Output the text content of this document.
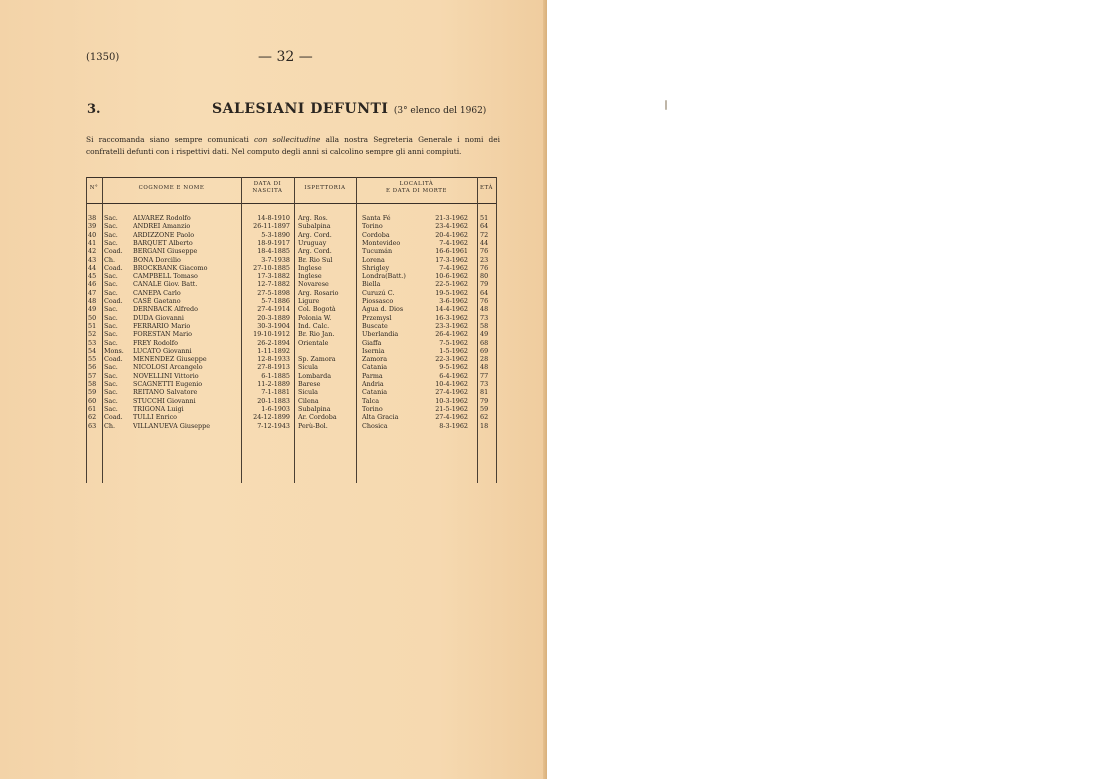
(1350)	— 32 —
3.	SALESIANI DEFUNTI (3° elenco del 1962)
Si raccomanda siano sempre comunicati con sollecitudine alla nostra Segreteria Generale i nomi dei confratelli defunti con i rispettivi dati. Nel computo degli anni si calcolino sempre gli anni compiuti.
N°	COGNOME E NOME
DATA DI
NASCITA	ISPETTORIA
LOCALITÀ
E DATA DI MORTE	ETÀ
38	Sac.	ALVAREZ Rodolfo	14-8-1910 Arg. Ros.	Santa Fé	21-3-1962 51
39	Sac.	ANDREI Amanzio	26-11-1897 Subalpina	Torino	23-4-1962 64
40	Sac.	ARDIZZONE Paolo	5-3-1890 Arg. Cord.	Cordoba	20-4-1962 72
41	Sac.	BARQUET Alberto	18-9-1917 Uruguay	Montevideo	7-4-1962 44
42	Coad.	BERGANI Giuseppe	18-4-1885 Arg. Cord.	Tucumán	16-6-1961 76
43	Ch.	BONA Dorcilio	3-7-1938 Br. Rio Sul	Lorena	17-3-1962 23
44	Coad.	BROCKBANK Giacomo	27-10-1885 Inglese	Shrigley	7-4-1962 76
45	Sac.	CAMPBELL Tomaso	17-3-1882 Inglese	Londra(Batt.)	10-6-1962 80
46	Sac.	CANALE Giov. Batt.	12-7-1882 Novarese	Biella	22-5-1962 79
47	Sac.	CANEPA Carlo	27-5-1898 Arg. Rosario	Curuzú C.	19-5-1962 64
48	Coad.	CASÈ Gaetano	5-7-1886 Ligure	Piossasco	3-6-1962 76
49	Sac.	DERNBACK Alfredo	27-4-1914 Col. Bogotà	Agua d. Dios	14-4-1962 48
50	Sac.	DUDA Giovanni	20-3-1889 Polonia W.	Przemysl	16-3-1962 73
51	Sac.	FERRARIO Mario	30-3-1904 Ind. Calc.	Buscate	23-3-1962 58
52	Sac.	FORESTAN Mario	19-10-1912 Br. Rio Jan.	Uberlandia	26-4-1962 49
53	Sac.	FREY Rodolfo	26-2-1894 Orientale	Giaffa	7-5-1962 68
54	Mons.	LUCATO Giovanni	1-11-1892	Isernia	1-5-1962 69
55	Coad.	MENENDEZ Giuseppe	12-8-1933 Sp. Zamora	Zamora	22-3-1962 28
56	Sac.	NICOLOSI Arcangelo	27-8-1913 Sicula	Catania	9-5-1962 48
57	Sac.	NOVELLINI Vittorio	6-1-1885 Lombarda	Parma	6-4-1962 77
58	Sac.	SCAGNETTI Eugenio	11-2-1889 Barese	Andria	10-4-1962 73
59	Sac.	REITANO Salvatore	7-1-1881 Sicula	Catania	27-4-1962 81
60	Sac.	STUCCHI Giovanni	20-1-1883 Cilena	Talca	10-3-1962 79
61	Sac.	TRIGONA Luigi	1-6-1903 Subalpina	Torino	21-5-1962 59
62	Coad.	TULLI Enrico	24-12-1899 Ar. Cordoba	Alta Gracia	27-4-1962 62
63	Ch.	VILLANUEVA Giuseppe	7-12-1943 Perù-Bol.	Chosica	8-3-1962 18
